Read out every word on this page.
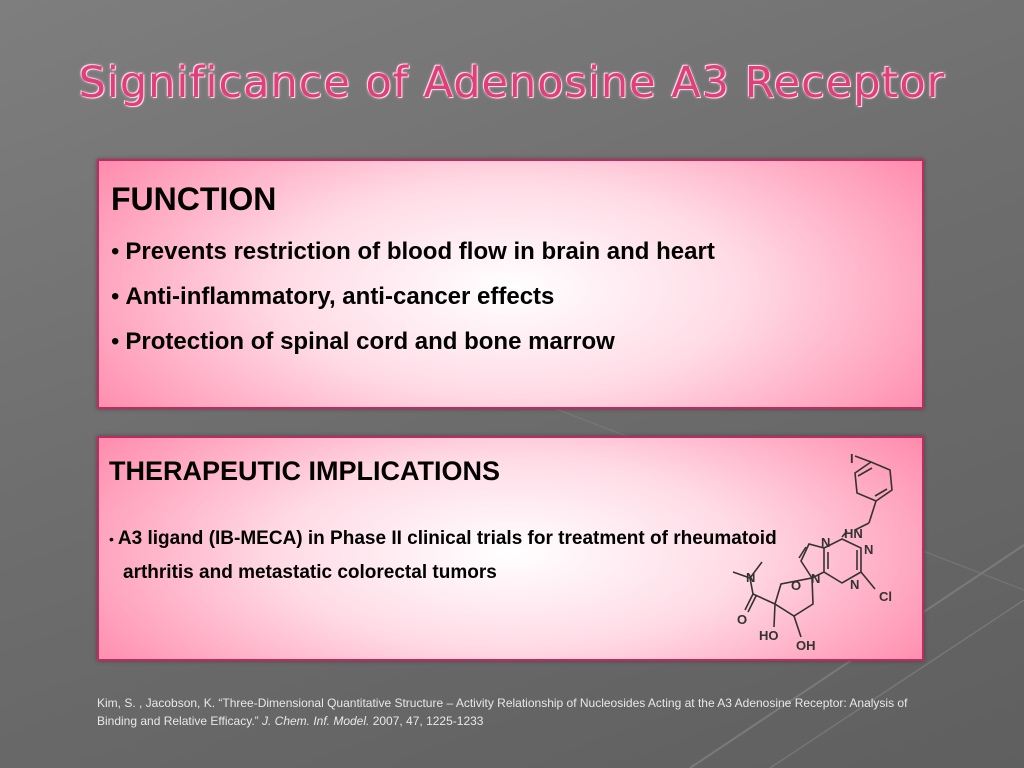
Significance of Adenosine A3 Receptor
FUNCTION
• Prevents restriction of blood flow in brain and heart
• Anti-inflammatory, anti-cancer effects
• Protection of spinal cord and bone marrow
THERAPEUTIC IMPLICATIONS
• A3 ligand (IB-MECA) in Phase II clinical trials for treatment of rheumatoid arthritis and metastatic colorectal tumors
I
HN
N	N
N N
Cl
N
O
O
HO
OH

Kim, S. , Jacobson, K. “Three-Dimensional Quantitative Structure – Activity Relationship of Nucleosides Acting at the A3 Adenosine Receptor: Analysis of Binding and Relative Efficacy.” J. Chem. Inf. Model. 2007, 47, 1225-1233
